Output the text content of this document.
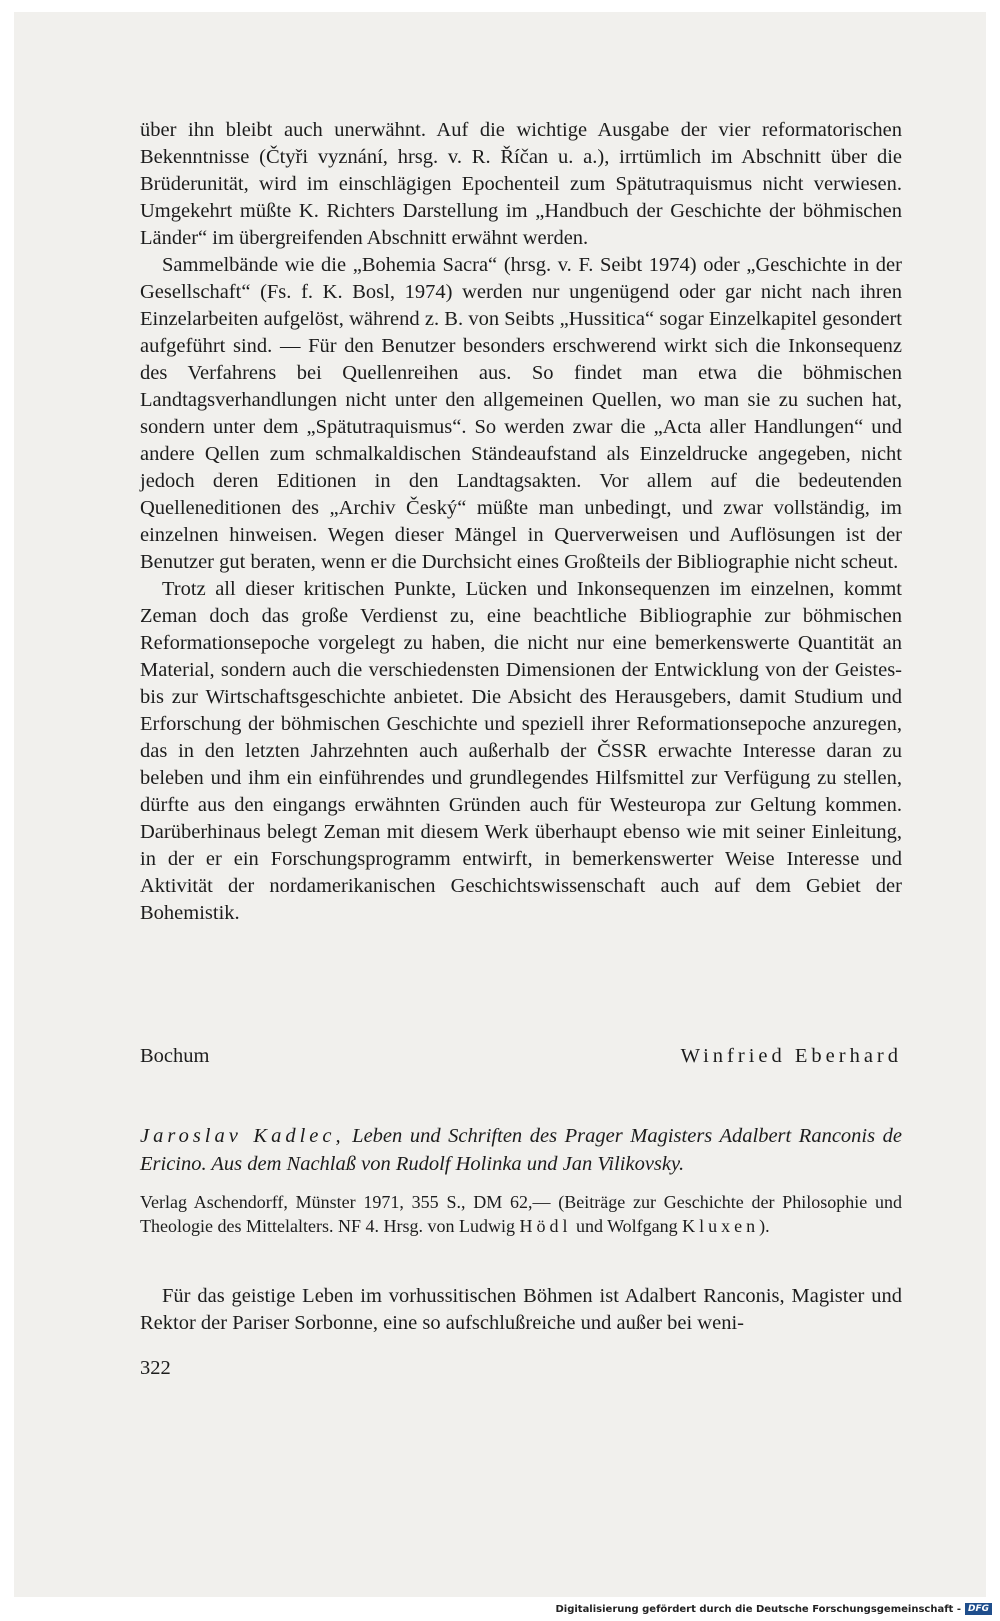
über ihn bleibt auch unerwähnt. Auf die wichtige Ausgabe der vier reformatorischen Bekenntnisse (Čtyři vyznání, hrsg. v. R. Říčan u. a.), irrtümlich im Abschnitt über die Brüderunität, wird im einschlägigen Epochenteil zum Spätutraquismus nicht verwiesen. Umgekehrt müßte K. Richters Darstellung im „Handbuch der Geschichte der böhmischen Länder“ im übergreifenden Abschnitt erwähnt werden.

Sammelbände wie die „Bohemia Sacra“ (hrsg. v. F. Seibt 1974) oder „Geschichte in der Gesellschaft“ (Fs. f. K. Bosl, 1974) werden nur ungenügend oder gar nicht nach ihren Einzelarbeiten aufgelöst, während z. B. von Seibts „Hussitica“ sogar Einzelkapitel gesondert aufgeführt sind. — Für den Benutzer besonders erschwerend wirkt sich die Inkonsequenz des Verfahrens bei Quellenreihen aus. So findet man etwa die böhmischen Landtagsverhandlungen nicht unter den allgemeinen Quellen, wo man sie zu suchen hat, sondern unter dem „Spätutraquismus“. So werden zwar die „Acta aller Handlungen“ und andere Qellen zum schmalkaldischen Ständeaufstand als Einzeldrucke angegeben, nicht jedoch deren Editionen in den Landtagsakten. Vor allem auf die bedeutenden Quelleneditionen des „Archiv Český“ müßte man unbedingt, und zwar vollständig, im einzelnen hinweisen. Wegen dieser Mängel in Querverweisen und Auflösungen ist der Benutzer gut beraten, wenn er die Durchsicht eines Großteils der Bibliographie nicht scheut.

Trotz all dieser kritischen Punkte, Lücken und Inkonsequenzen im einzelnen, kommt Zeman doch das große Verdienst zu, eine beachtliche Bibliographie zur böhmischen Reformationsepoche vorgelegt zu haben, die nicht nur eine bemerkenswerte Quantität an Material, sondern auch die verschiedensten Dimensionen der Entwicklung von der Geistes- bis zur Wirtschaftsgeschichte anbietet. Die Absicht des Herausgebers, damit Studium und Erforschung der böhmischen Geschichte und speziell ihrer Reformationsepoche anzuregen, das in den letzten Jahrzehnten auch außerhalb der ČSSR erwachte Interesse daran zu beleben und ihm ein einführendes und grundlegendes Hilfsmittel zur Verfügung zu stellen, dürfte aus den eingangs erwähnten Gründen auch für Westeuropa zur Geltung kommen. Darüberhinaus belegt Zeman mit diesem Werk überhaupt ebenso wie mit seiner Einleitung, in der er ein Forschungsprogramm entwirft, in bemerkenswerter Weise Interesse und Aktivität der nordamerikanischen Geschichtswissenschaft auch auf dem Gebiet der Bohemistik.

Bochum	Winfried Eberhard
Jaroslav Kadlec, Leben und Schriften des Prager Magisters Adalbert Ranconis de Ericino. Aus dem Nachlaß von Rudolf Holinka und Jan Vilikovsky.
Verlag Aschendorff, Münster 1971, 355 S., DM 62,— (Beiträge zur Geschichte der Philosophie und Theologie des Mittelalters. NF 4. Hrsg. von Ludwig Hödl und Wolfgang Kluxen).

Für das geistige Leben im vorhussitischen Böhmen ist Adalbert Ranconis, Magister und Rektor der Pariser Sorbonne, eine so aufschlußreiche und außer bei weni-

322
Digitalisierung gefördert durch die Deutsche Forschungsgemeinschaft - DFG
